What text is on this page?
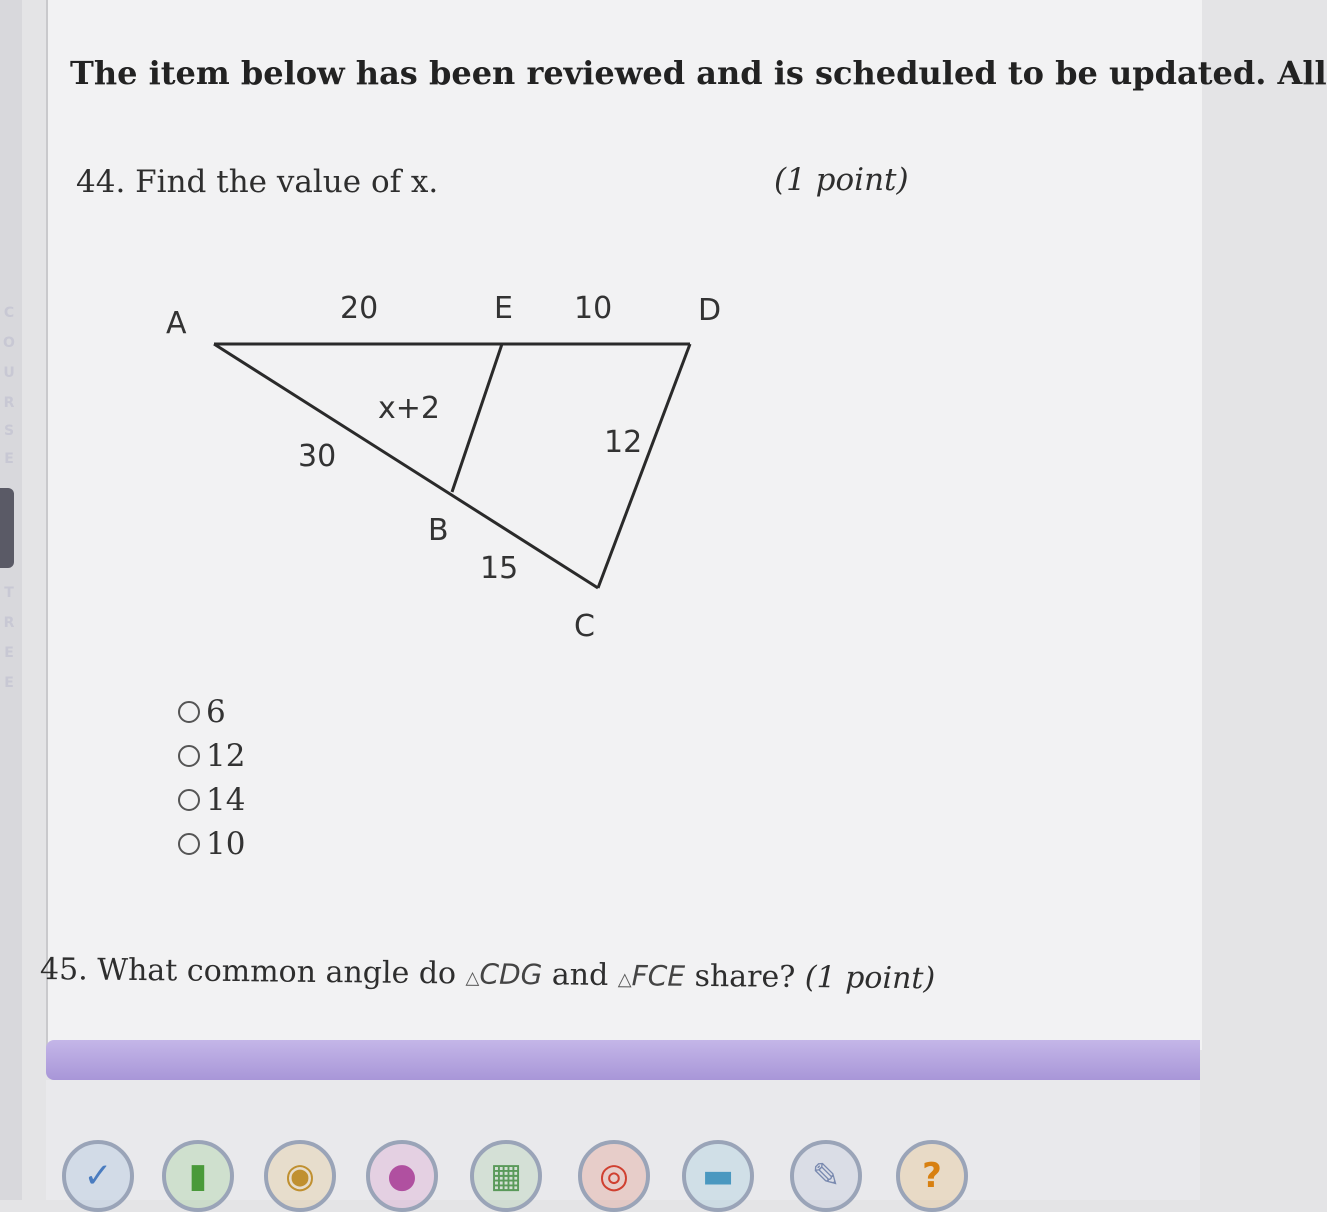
C
O
U
R
S
E
T
R
E
E
The item below has been reviewed and is scheduled to be updated. All
44. Find the value of x.	(1 point)
A	20	E 10	D
x+2
30	12
B
15
C
6
12
14
10
45. What common angle do △CDG and △FCE share? (1 point)
✓ ▮ ◉ ● ▦ ◎ ▬ ✎ ?
